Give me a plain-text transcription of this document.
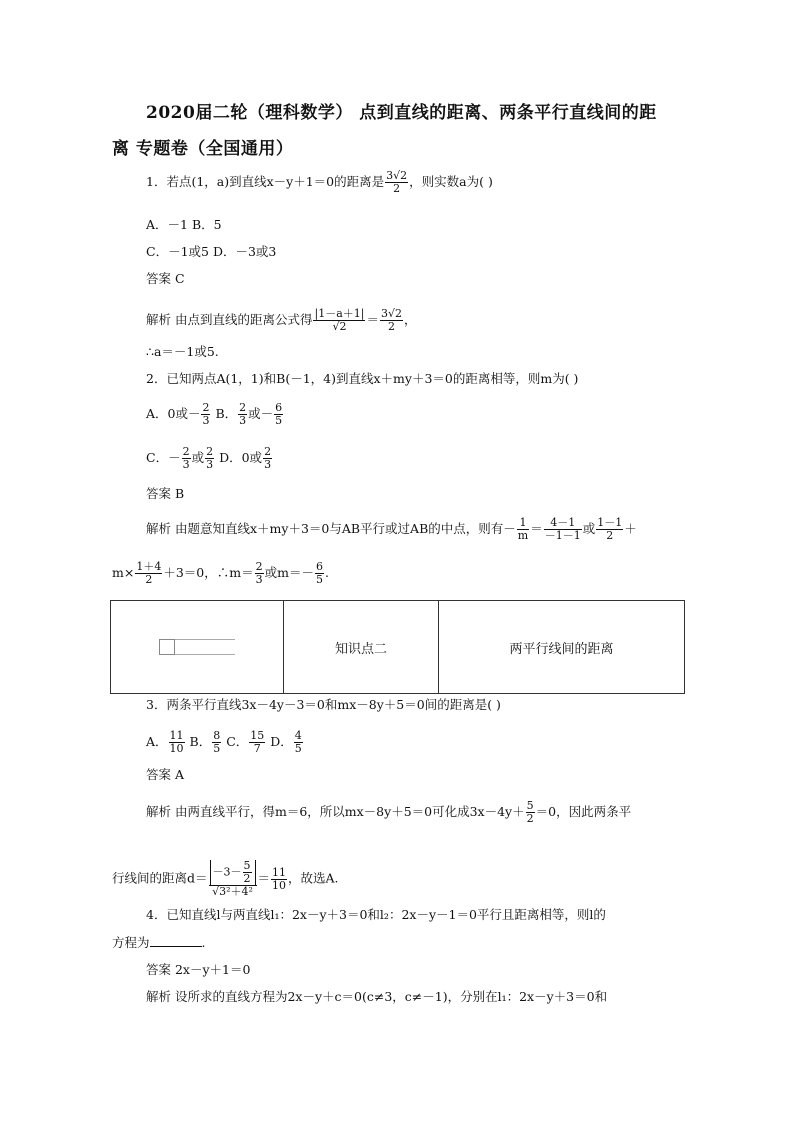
2020届二轮（理科数学） 点到直线的距离、两条平行直线间的距
离 专题卷（全国通用）
1．若点(1，a)到直线x－y＋1＝0的距离是 $\frac{3√2}{2}$ ，则实数a为( )
A．－1 B．5
C．－1或5 D．－3或3
答案 C
解析 由点到直线的距离公式得 $\frac{|1-a+1|}{√2} = \frac{3√2}{2}$ ，
∴a＝－1或5.
2．已知两点A(1，1)和B(－1，4)到直线x＋my＋3＝0的距离相等，则m为( )
A．0或－ $\frac{2}{3}$ B． $\frac{2}{3}$ 或－ $\frac{6}{5}$
C．－ $\frac{2}{3}$ 或 $\frac{2}{3}$ D．0或 $\frac{2}{3}$
答案 B
解析 由题意知直线x＋my＋3＝0与AB平行或过AB的中点，则有－ $\frac{1}{m} = \frac{4-1}{-1-1}$ 或 $\frac{1-1}{2}$ ＋
$m\times \frac{1+4}{2} +3=0$，∴m＝ $\frac{2}{3}$ 或$m=- \frac{6}{5}$ .
	知识点二	两平行线间的距离
3．两条平行直线3x－4y－3＝0和mx－8y＋5＝0间的距离是( )
A． $\frac{11}{10}$ B． $\frac{8}{5}$ C． $\frac{15}{7}$ D． $\frac{4}{5}$
答案 A
解析 由两直线平行，得m＝6，所以mx－8y＋5＝0可化成$3x-4y+ \frac{5}{2} =0$，因此两条平
行线间的距离$d= \frac{-3- \frac{5}{2}}{\text{√3²＋4²}} = \frac{11}{10}$ ，故选A.
4．已知直线l与两直线l₁：2x－y＋3＝0和l₂：2x－y－1＝0平行且距离相等，则l的
方程为	.
答案 2x－y＋1＝0
解析 设所求的直线方程为2x－y＋c＝0(c≠3，c≠－1)，分别在l₁：2x－y＋3＝0和
